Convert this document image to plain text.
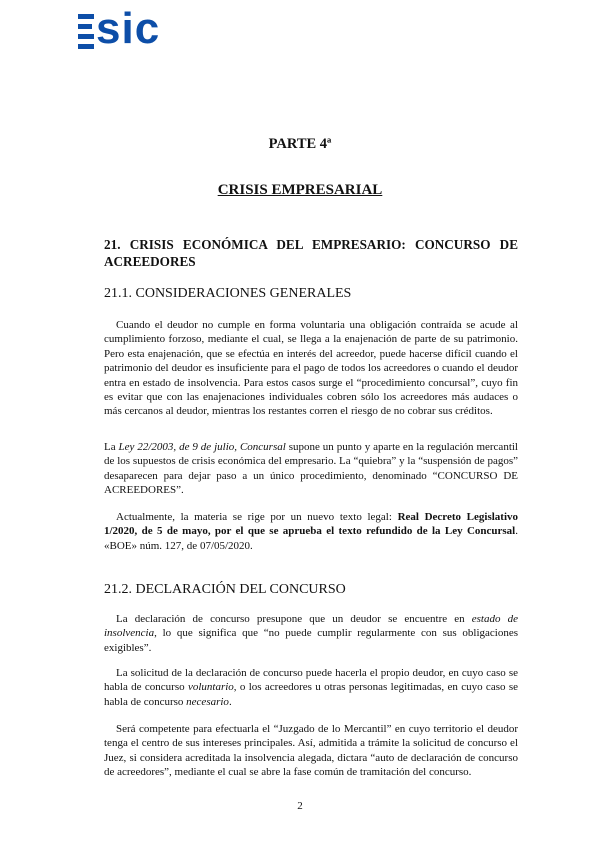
sic
PARTE 4ª
CRISIS EMPRESARIAL
21. CRISIS ECONÓMICA DEL EMPRESARIO: CONCURSO DE ACREEDORES
21.1. CONSIDERACIONES GENERALES

Cuando el deudor no cumple en forma voluntaria una obligación contraída se acude al cumplimiento forzoso, mediante el cual, se llega a la enajenación de parte de su patrimonio. Pero esta enajenación, que se efectúa en interés del acreedor, puede hacerse difícil cuando el patrimonio del deudor es insuficiente para el pago de todos los acreedores o cuando el deudor entra en estado de insolvencia. Para estos casos surge el “procedimiento concursal”, cuyo fin es evitar que con las enajenaciones individuales cobren sólo los acreedores más audaces o más cercanos al deudor, mientras los restantes corren el riesgo de no cobrar sus créditos.

La Ley 22/2003, de 9 de julio, Concursal supone un punto y aparte en la regulación mercantil de los supuestos de crisis económica del empresario. La “quiebra” y la “suspensión de pagos” desaparecen para dejar paso a un único procedimiento, denominado “CONCURSO DE ACREEDORES”.

Actualmente, la materia se rige por un nuevo texto legal: Real Decreto Legislativo 1/2020, de 5 de mayo, por el que se aprueba el texto refundido de la Ley Concursal. «BOE» núm. 127, de 07/05/2020.

21.2. DECLARACIÓN DEL CONCURSO

La declaración de concurso presupone que un deudor se encuentre en estado de insolvencia, lo que significa que “no puede cumplir regularmente con sus obligaciones exigibles”.

La solicitud de la declaración de concurso puede hacerla el propio deudor, en cuyo caso se habla de concurso voluntario, o los acreedores u otras personas legitimadas, en cuyo caso se habla de concurso necesario.

Será competente para efectuarla el “Juzgado de lo Mercantil” en cuyo territorio el deudor tenga el centro de sus intereses principales. Así, admitida a trámite la solicitud de concurso el Juez, si considera acreditada la insolvencia alegada, dictara “auto de declaración de concurso de acreedores”, mediante el cual se abre la fase común de tramitación del concurso.

2
